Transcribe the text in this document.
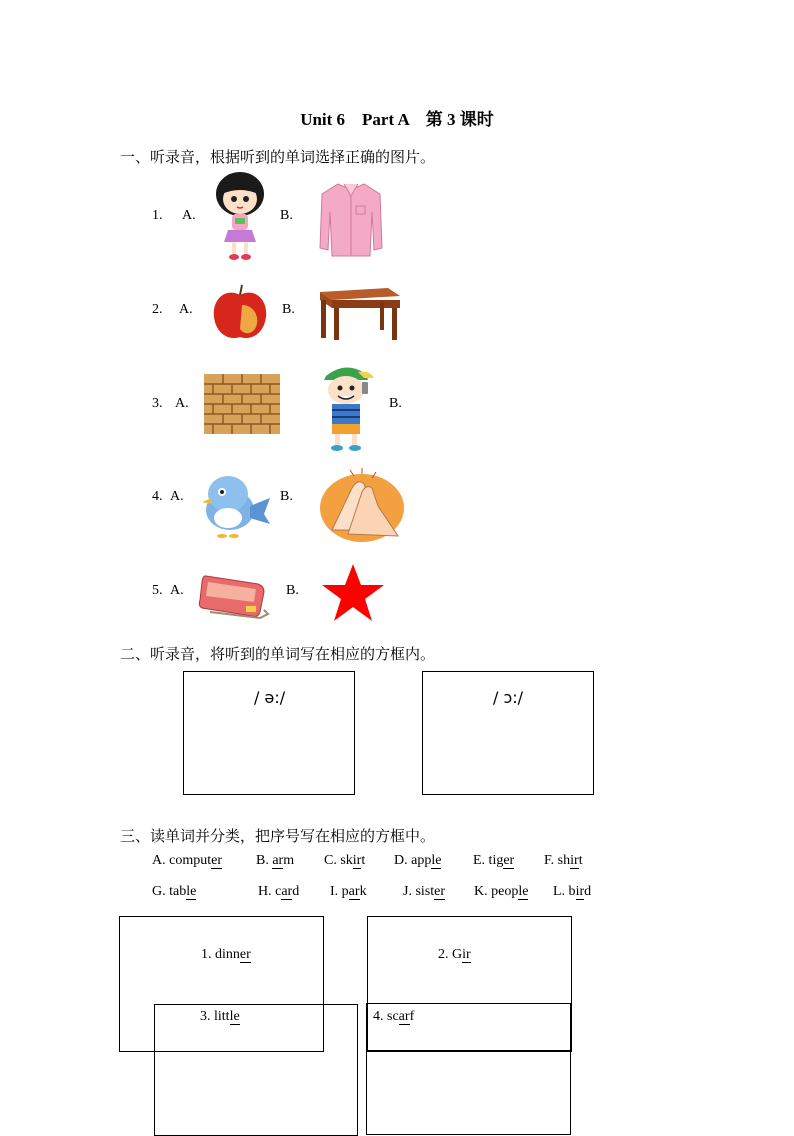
Unit 6　Part A　第 3 课时
一、听录音，根据听到的单词选择正确的图片。
1. A.	B.
2. A.	B.
3. A.	B.
4. A.	B.
5. A.	B.
二、听录音，将听到的单词写在相应的方框内。
/ ə:/	/ ɔ:/
三、读单词并分类，把序号写在相应的方框中。
A. computer B. arm C. skirt D. apple E. tiger F. shirt
G. table	H. card I. park	J. sister K. people L. bird
1. dinner	2. Gir
3. little	4. scarf
